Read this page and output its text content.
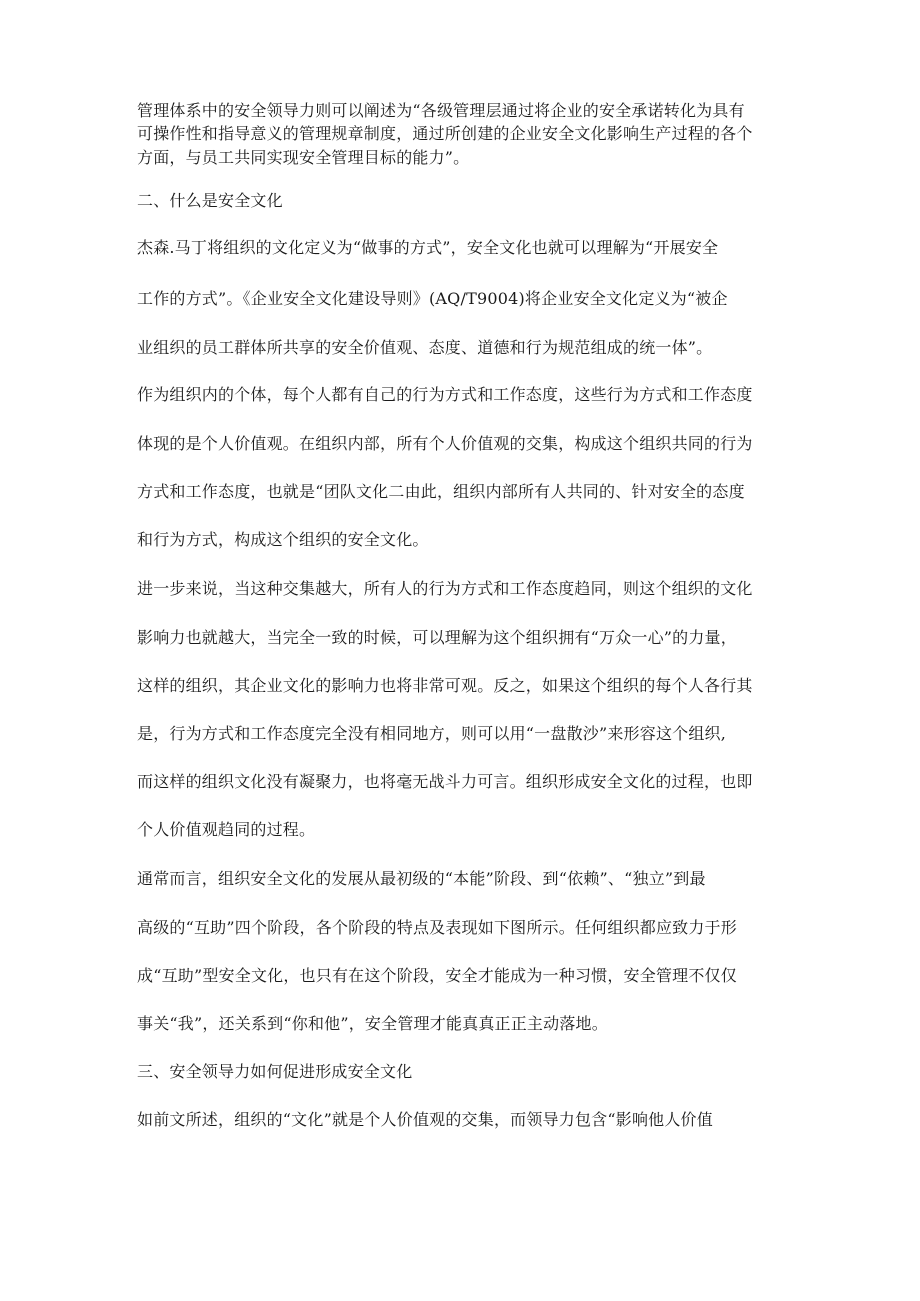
管理体系中的安全领导力则可以阐述为“各级管理层通过将企业的安全承诺转化为具有
可操作性和指导意义的管理规章制度，通过所创建的企业安全文化影响生产过程的各个
方面，与员工共同实现安全管理目标的能力”。
二、什么是安全文化
杰森.马丁将组织的文化定义为“做事的方式”，安全文化也就可以理解为“开展安全
工作的方式”。《企业安全文化建设导则》(AQ/T9004)将企业安全文化定义为“被企
业组织的员工群体所共享的安全价值观、态度、道德和行为规范组成的统一体”。
作为组织内的个体，每个人都有自己的行为方式和工作态度，这些行为方式和工作态度
体现的是个人价值观。在组织内部，所有个人价值观的交集，构成这个组织共同的行为
方式和工作态度，也就是“团队文化二由此，组织内部所有人共同的、针对安全的态度
和行为方式，构成这个组织的安全文化。
进一步来说，当这种交集越大，所有人的行为方式和工作态度趋同，则这个组织的文化
影响力也就越大，当完全一致的时候，可以理解为这个组织拥有“万众一心”的力量，
这样的组织，其企业文化的影响力也将非常可观。反之，如果这个组织的每个人各行其
是，行为方式和工作态度完全没有相同地方，则可以用“一盘散沙”来形容这个组织,
而这样的组织文化没有凝聚力，也将毫无战斗力可言。组织形成安全文化的过程，也即
个人价值观趋同的过程。
通常而言，组织安全文化的发展从最初级的“本能”阶段、到“依赖”、“独立”到最
高级的“互助”四个阶段，各个阶段的特点及表现如下图所示。任何组织都应致力于形
成“互助”型安全文化，也只有在这个阶段，安全才能成为一种习惯，安全管理不仅仅
事关“我”，还关系到“你和他”，安全管理才能真真正正主动落地。
三、安全领导力如何促进形成安全文化
如前文所述，组织的“文化”就是个人价值观的交集，而领导力包含“影响他人价值
